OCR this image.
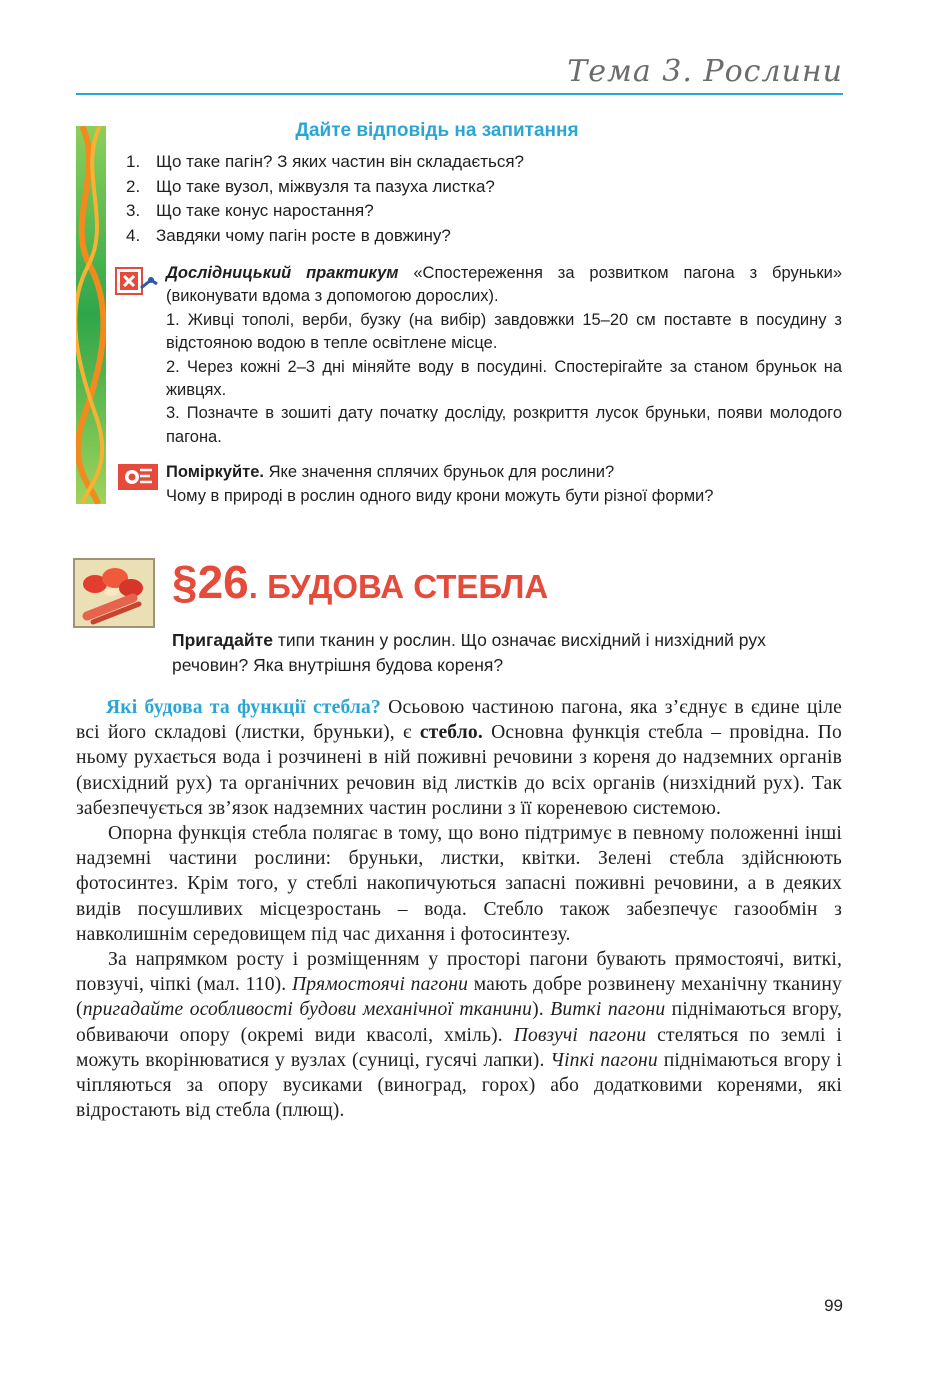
Тема 3. Рослини
Дайте відповідь на запитання
1. Що таке пагін? З яких частин він складається?
2. Що таке вузол, міжвузля та пазуха листка?
3. Що таке конус наростання?
4. Завдяки чому пагін росте в довжину?

Дослідницький практикум «Спостереження за розвитком пагона з бруньки» (виконувати вдома з допомогою дорослих).

1. Живці тополі, верби, бузку (на вибір) завдовжки 15–20 см поставте в посудину з відстояною водою в тепле освітлене місце.

2. Через кожні 2–3 дні міняйте воду в посудині. Спостерігайте за станом бруньок на живцях.

3. Позначте в зошиті дату початку досліду, розкриття лусок бруньки, появи молодого пагона.

Поміркуйте. Яке значення сплячих бруньок для рослини?

Чому в природі в рослин одного виду крони можуть бути різної форми?

§26. БУДОВА СТЕБЛА

Пригадайте типи тканин у рослин. Що означає висхідний і низхідний рух речовин? Яка внутрішня будова кореня?

Які будова та функції стебла? Осьовою частиною пагона, яка з’єднує в єдине ціле всі його складові (листки, бруньки), є стебло. Основна функція стебла – провідна. По ньому рухається вода і розчинені в ній поживні речовини з кореня до надземних органів (висхідний рух) та органічних речовин від листків до всіх органів (низхідний рух). Так забезпечується зв’язок надземних частин рослини з її кореневою системою.

Опорна функція стебла полягає в тому, що воно підтримує в певному положенні інші надземні частини рослини: бруньки, листки, квітки. Зелені стебла здійснюють фотосинтез. Крім того, у стеблі накопичуються запасні поживні речовини, а в деяких видів посушливих місцезростань – вода. Стебло також забезпечує газообмін з навколишнім середовищем під час дихання і фотосинтезу.

За напрямком росту і розміщенням у просторі пагони бувають прямостоячі, виткі, повзучі, чіпкі (мал. 110). Прямостоячі пагони мають добре розвинену механічну тканину (пригадайте особливості будови механічної тканини). Виткі пагони піднімаються вгору, обвиваючи опору (окремі види квасолі, хміль). Повзучі пагони стеляться по землі і можуть вкорінюватися у вузлах (суниці, гусячі лапки). Чіпкі пагони піднімаються вгору і чіпляються за опору вусиками (виноград, горох) або додатковими коренями, які відростають від стебла (плющ).

99
